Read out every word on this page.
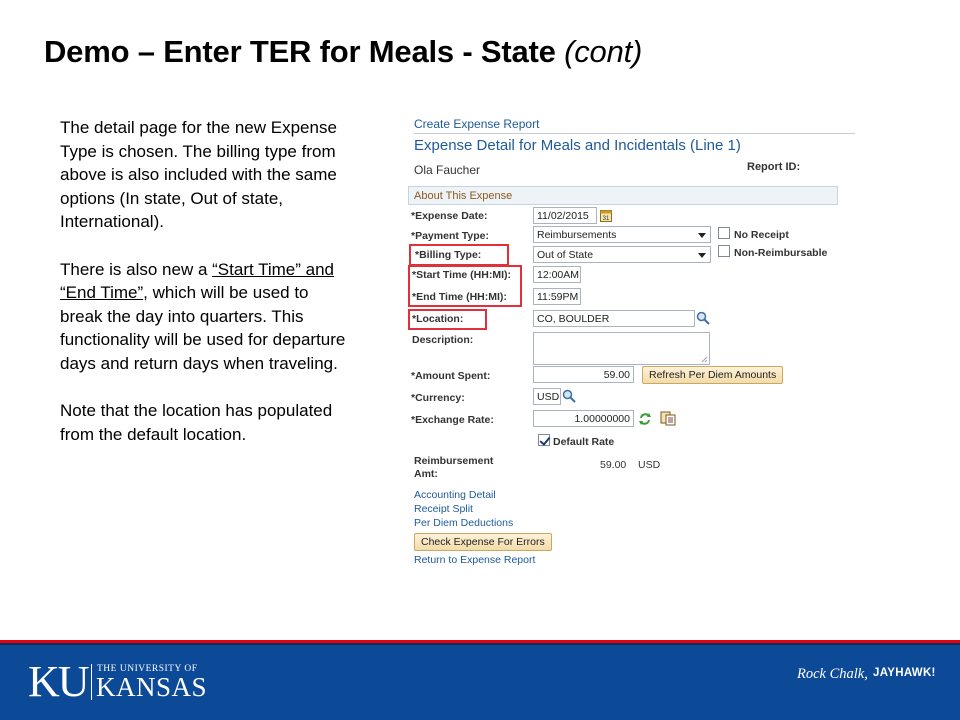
Demo – Enter TER for Meals - State (cont)

The detail page for the new Expense Type is chosen. The billing type from above is also included with the same options (In state, Out of state, International).

There is also new a “Start Time” and “End Time”, which will be used to break the day into quarters. This functionality will be used for departure days and return days when traveling.

Note that the location has populated from the default location.

Create Expense Report
Expense Detail for Meals and Incidentals (Line 1)
Ola Faucher	Report ID:
About This Expense
*Expense Date:	11/02/2015	31
*Payment Type:	Reimbursements	No Receipt
*Billing Type:	Out of State	Non-Reimbursable
*Start Time (HH:MI):	12:00AM
*End Time (HH:MI):	11:59PM
*Location:	CO, BOULDER
Description:
*Amount Spent:	59.00	Refresh Per Diem Amounts
*Currency:	USD
*Exchange Rate:	1.00000000
Default Rate
Reimbursement
Amt:
59.00 USD
Accounting Detail
Receipt Split
Per Diem Deductions
Check Expense For Errors
Return to Expense Report
KU THE UNIVERSITY OF
KANSAS	Rock Chalk, JAYHAWK!
